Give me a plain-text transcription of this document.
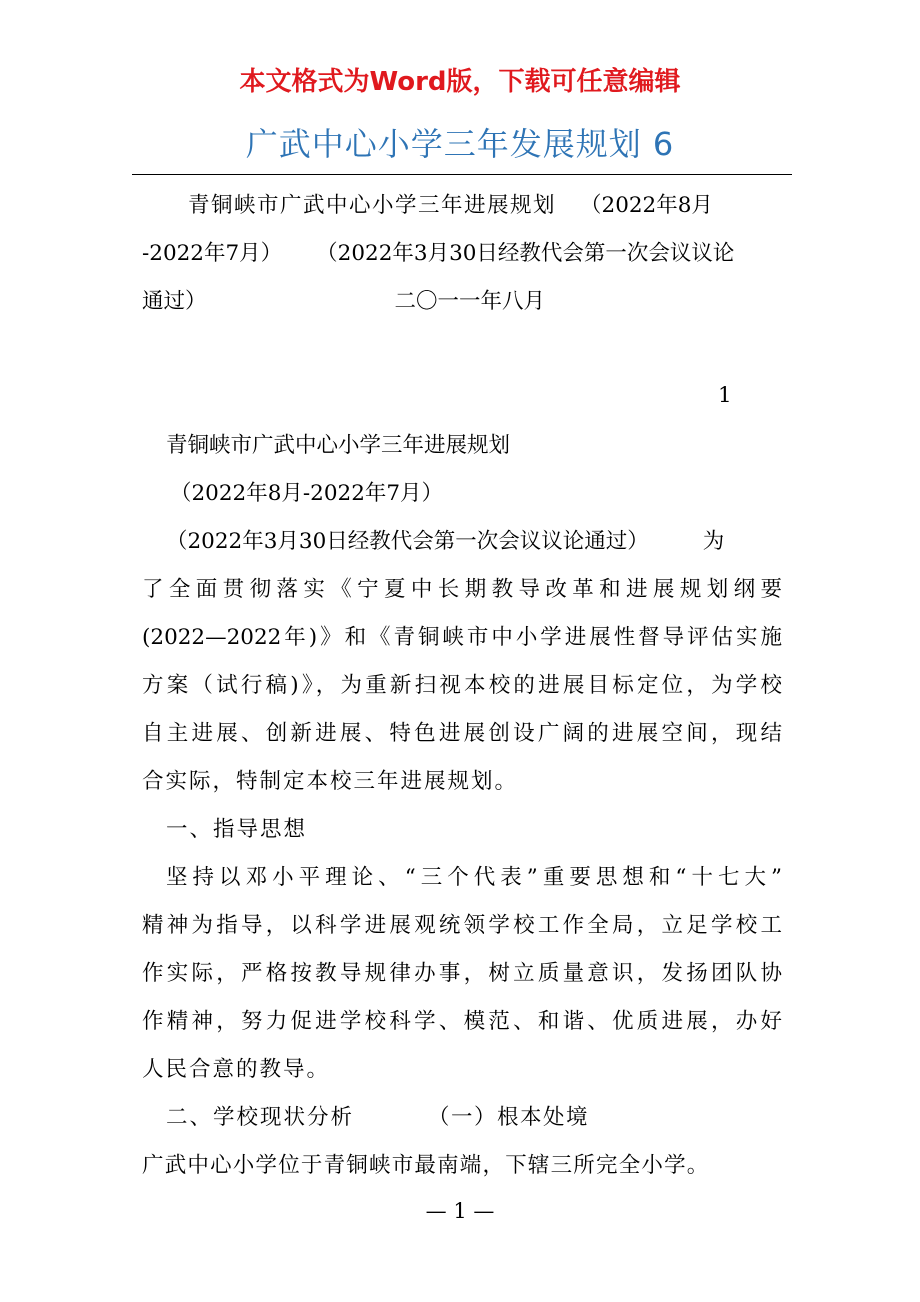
本文格式为Word版，下载可任意编辑
广武中心小学三年发展规划 6
青铜峡市广武中心小学三年进展规划 （2022年8月
-2022年7月） （2022年3月30日经教代会第一次会议议论
通过）	二〇一一年八月
青铜峡市广武中心小学三年进展规划
（2022年8月-2022年7月）
（2022年3月30日经教代会第一次会议议论通过）	为
了全面贯彻落实《宁夏中长期教导改革和进展规划纲要
(2022—2022年)》和《青铜峡市中小学进展性督导评估实施
方案（试行稿)》，为重新扫视本校的进展目标定位，为学校
自主进展、创新进展、特色进展创设广阔的进展空间，现结
合实际，特制定本校三年进展规划。
一、指导思想
坚持以邓小平理论、“三个代表”重要思想和“十七大”
精神为指导，以科学进展观统领学校工作全局，立足学校工
作实际，严格按教导规律办事，树立质量意识，发扬团队协
作精神，努力促进学校科学、模范、和谐、优质进展，办好
人民合意的教导。
二、学校现状分析	（一）根本处境
广武中心小学位于青铜峡市最南端，下辖三所完全小学。
1
— 1 —
